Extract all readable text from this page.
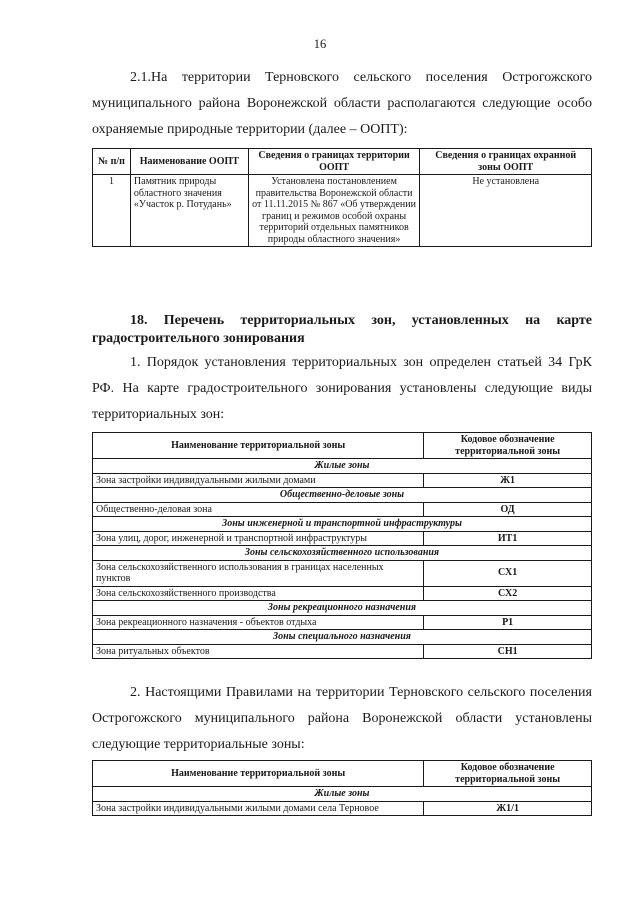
16

2.1.На территории Терновского сельского поселения Острогожского муниципального района Воронежской области располагаются следующие особо охраняемые природные территории (далее – ООПТ):

№ п/п	Наименование ООПТ	Сведения о границах территории ООПТ	Сведения о границах охранной зоны ООПТ
1	Памятник природы областного значения «Участок р. Потудань»	Установлена постановлением правительства Воронежской области от 11.11.2015 № 867 «Об утверждении границ и режимов особой охраны территорий отдельных памятников природы областного значения»	Не установлена

18. Перечень территориальных зон, установленных на карте градостроительного зонирования

1. Порядок установления территориальных зон определен статьей 34 ГрК РФ. На карте градостроительного зонирования установлены следующие виды территориальных зон:

Наименование территориальной зоны	Кодовое обозначение территориальной зоны
Жилые зоны	
Зона застройки индивидуальными жилыми домами	Ж1
Общественно-деловые зоны	
Общественно-деловая зона	ОД
Зоны инженерной и транспортной инфраструктуры	
Зона улиц, дорог, инженерной и транспортной инфраструктуры	ИТ1
Зоны сельскохозяйственного использования	
Зона сельскохозяйственного использования в границах населенных пунктов	СХ1
Зона сельскохозяйственного производства	СХ2
Зоны рекреационного назначения	
Зона рекреационного назначения - объектов отдыха	Р1
Зоны специального назначения	
Зона ритуальных объектов	СН1

2. Настоящими Правилами на территории Терновского сельского поселения Острогожского муниципального района Воронежской области установлены следующие территориальные зоны:

Наименование территориальной зоны	Кодовое обозначение территориальной зоны
Жилые зоны	
Зона застройки индивидуальными жилыми домами села Терновое	Ж1/1
